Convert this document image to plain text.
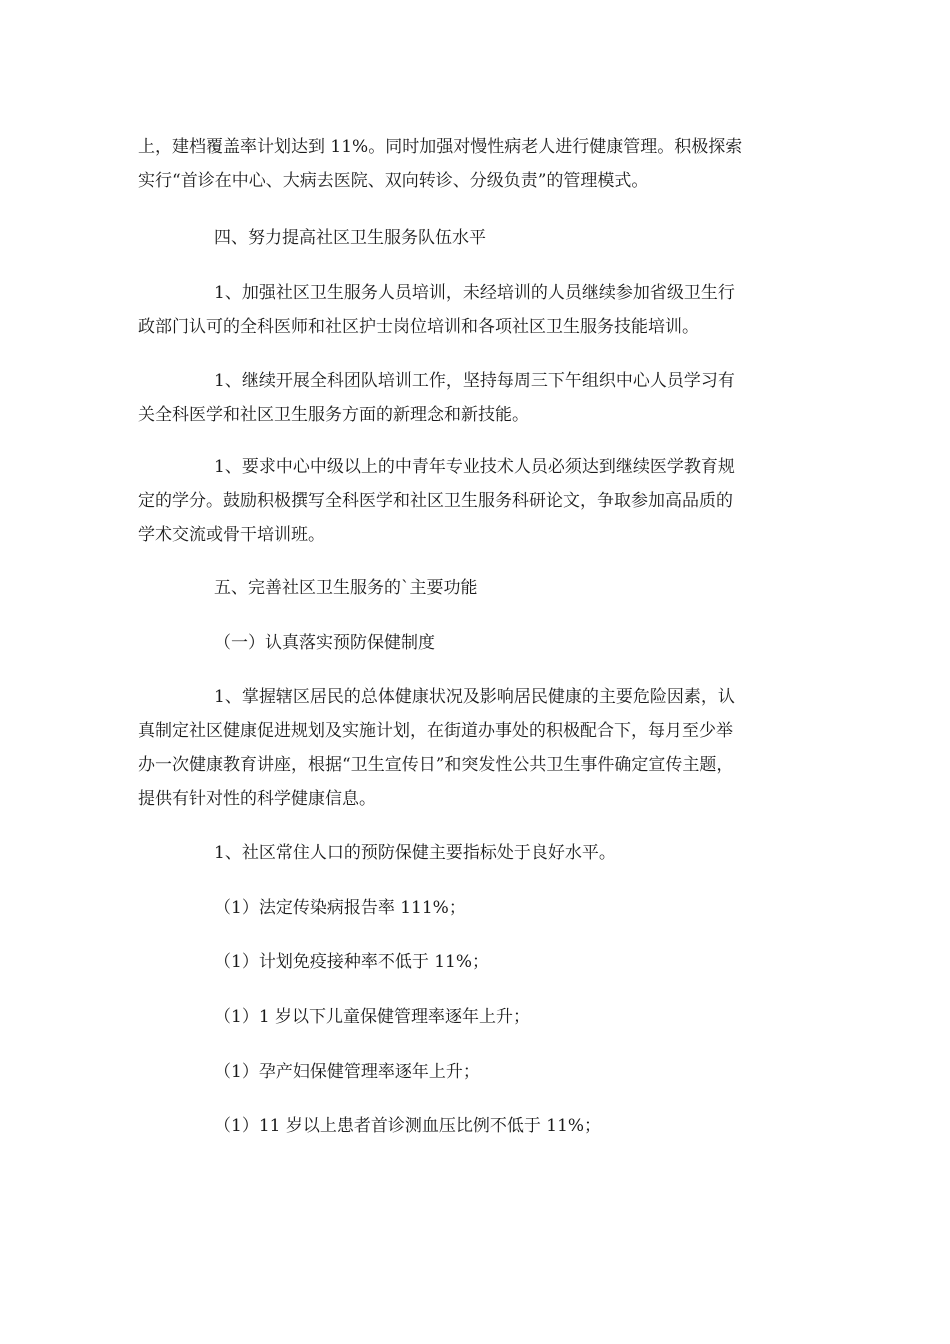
上，建档覆盖率计划达到 11%。同时加强对慢性病老人进行健康管理。积极探索
实行“首诊在中心、大病去医院、双向转诊、分级负责”的管理模式。
四、努力提高社区卫生服务队伍水平
1、加强社区卫生服务人员培训，未经培训的人员继续参加省级卫生行
政部门认可的全科医师和社区护士岗位培训和各项社区卫生服务技能培训。
1、继续开展全科团队培训工作，坚持每周三下午组织中心人员学习有
关全科医学和社区卫生服务方面的新理念和新技能。
1、要求中心中级以上的中青年专业技术人员必须达到继续医学教育规
定的学分。鼓励积极撰写全科医学和社区卫生服务科研论文，争取参加高品质的
学术交流或骨干培训班。
五、完善社区卫生服务的`主要功能
（一）认真落实预防保健制度
1、掌握辖区居民的总体健康状况及影响居民健康的主要危险因素，认
真制定社区健康促进规划及实施计划，在街道办事处的积极配合下，每月至少举
办一次健康教育讲座，根据“卫生宣传日”和突发性公共卫生事件确定宣传主题，
提供有针对性的科学健康信息。
1、社区常住人口的预防保健主要指标处于良好水平。
（1）法定传染病报告率 111%；
（1）计划免疫接种率不低于 11%；
（1）1 岁以下儿童保健管理率逐年上升；
（1）孕产妇保健管理率逐年上升；
（1）11 岁以上患者首诊测血压比例不低于 11%；
